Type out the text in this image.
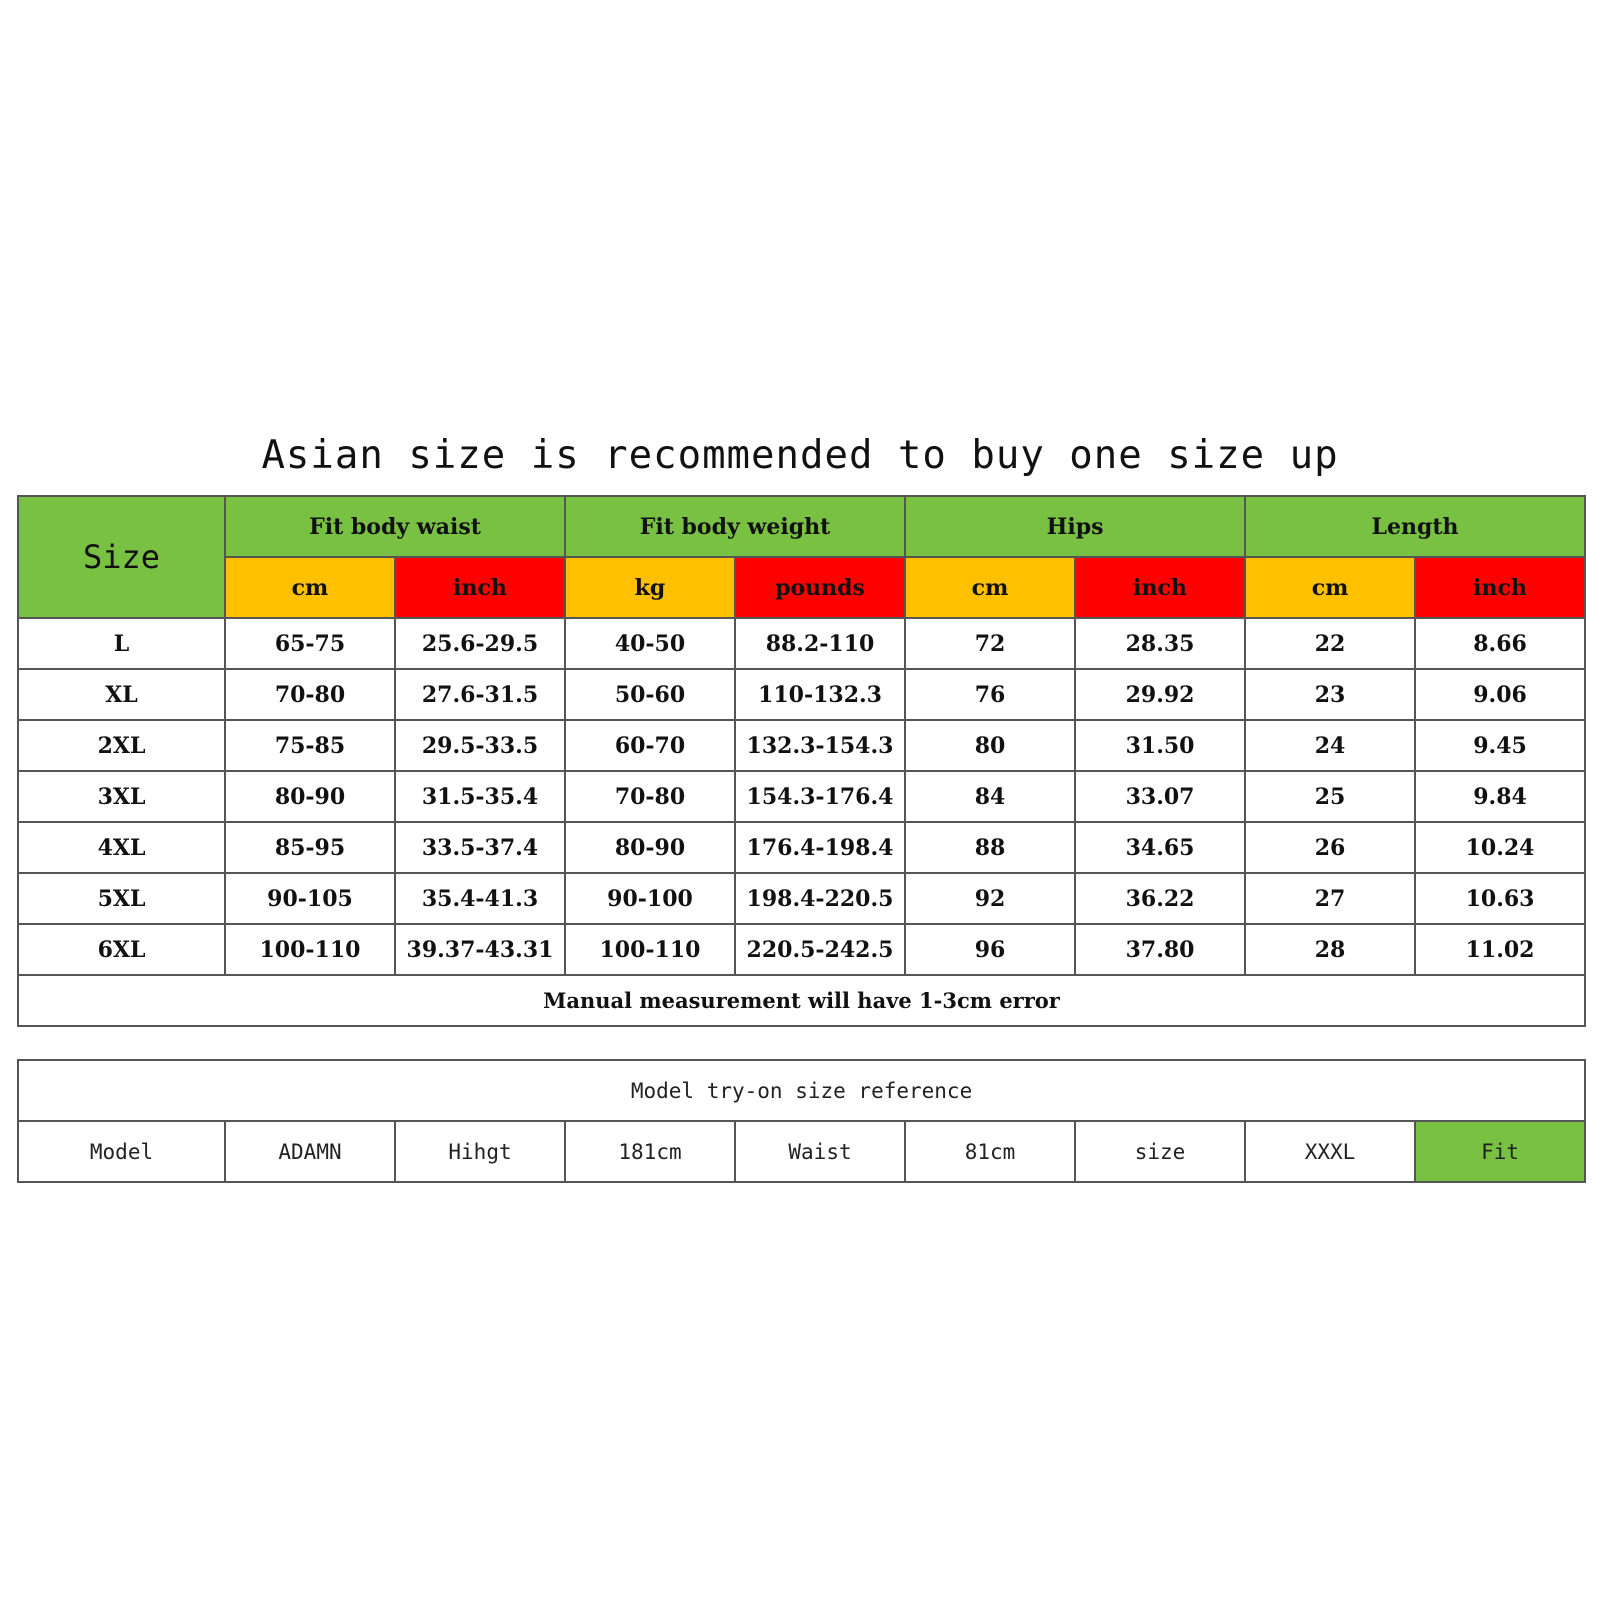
Asian size is recommended to buy one size up
Size	Fit body waist		Fit body weight		Hips		Length	
	cm	inch	kg	pounds	cm	inch	cm	inch
L	65-75	25.6-29.5	40-50	88.2-110	72	28.35	22	8.66
XL	70-80	27.6-31.5	50-60	110-132.3	76	29.92	23	9.06
2XL	75-85	29.5-33.5	60-70	132.3-154.3	80	31.50	24	9.45
3XL	80-90	31.5-35.4	70-80	154.3-176.4	84	33.07	25	9.84
4XL	85-95	33.5-37.4	80-90	176.4-198.4	88	34.65	26	10.24
5XL	90-105	35.4-41.3	90-100	198.4-220.5	92	36.22	27	10.63
6XL	100-110	39.37-43.31	100-110	220.5-242.5	96	37.80	28	11.02
Manual measurement will have 1-3cm error								
Model try-on size reference
Model	ADAMN	Hihgt	181cm	Waist	81cm	size	XXXL	Fit
